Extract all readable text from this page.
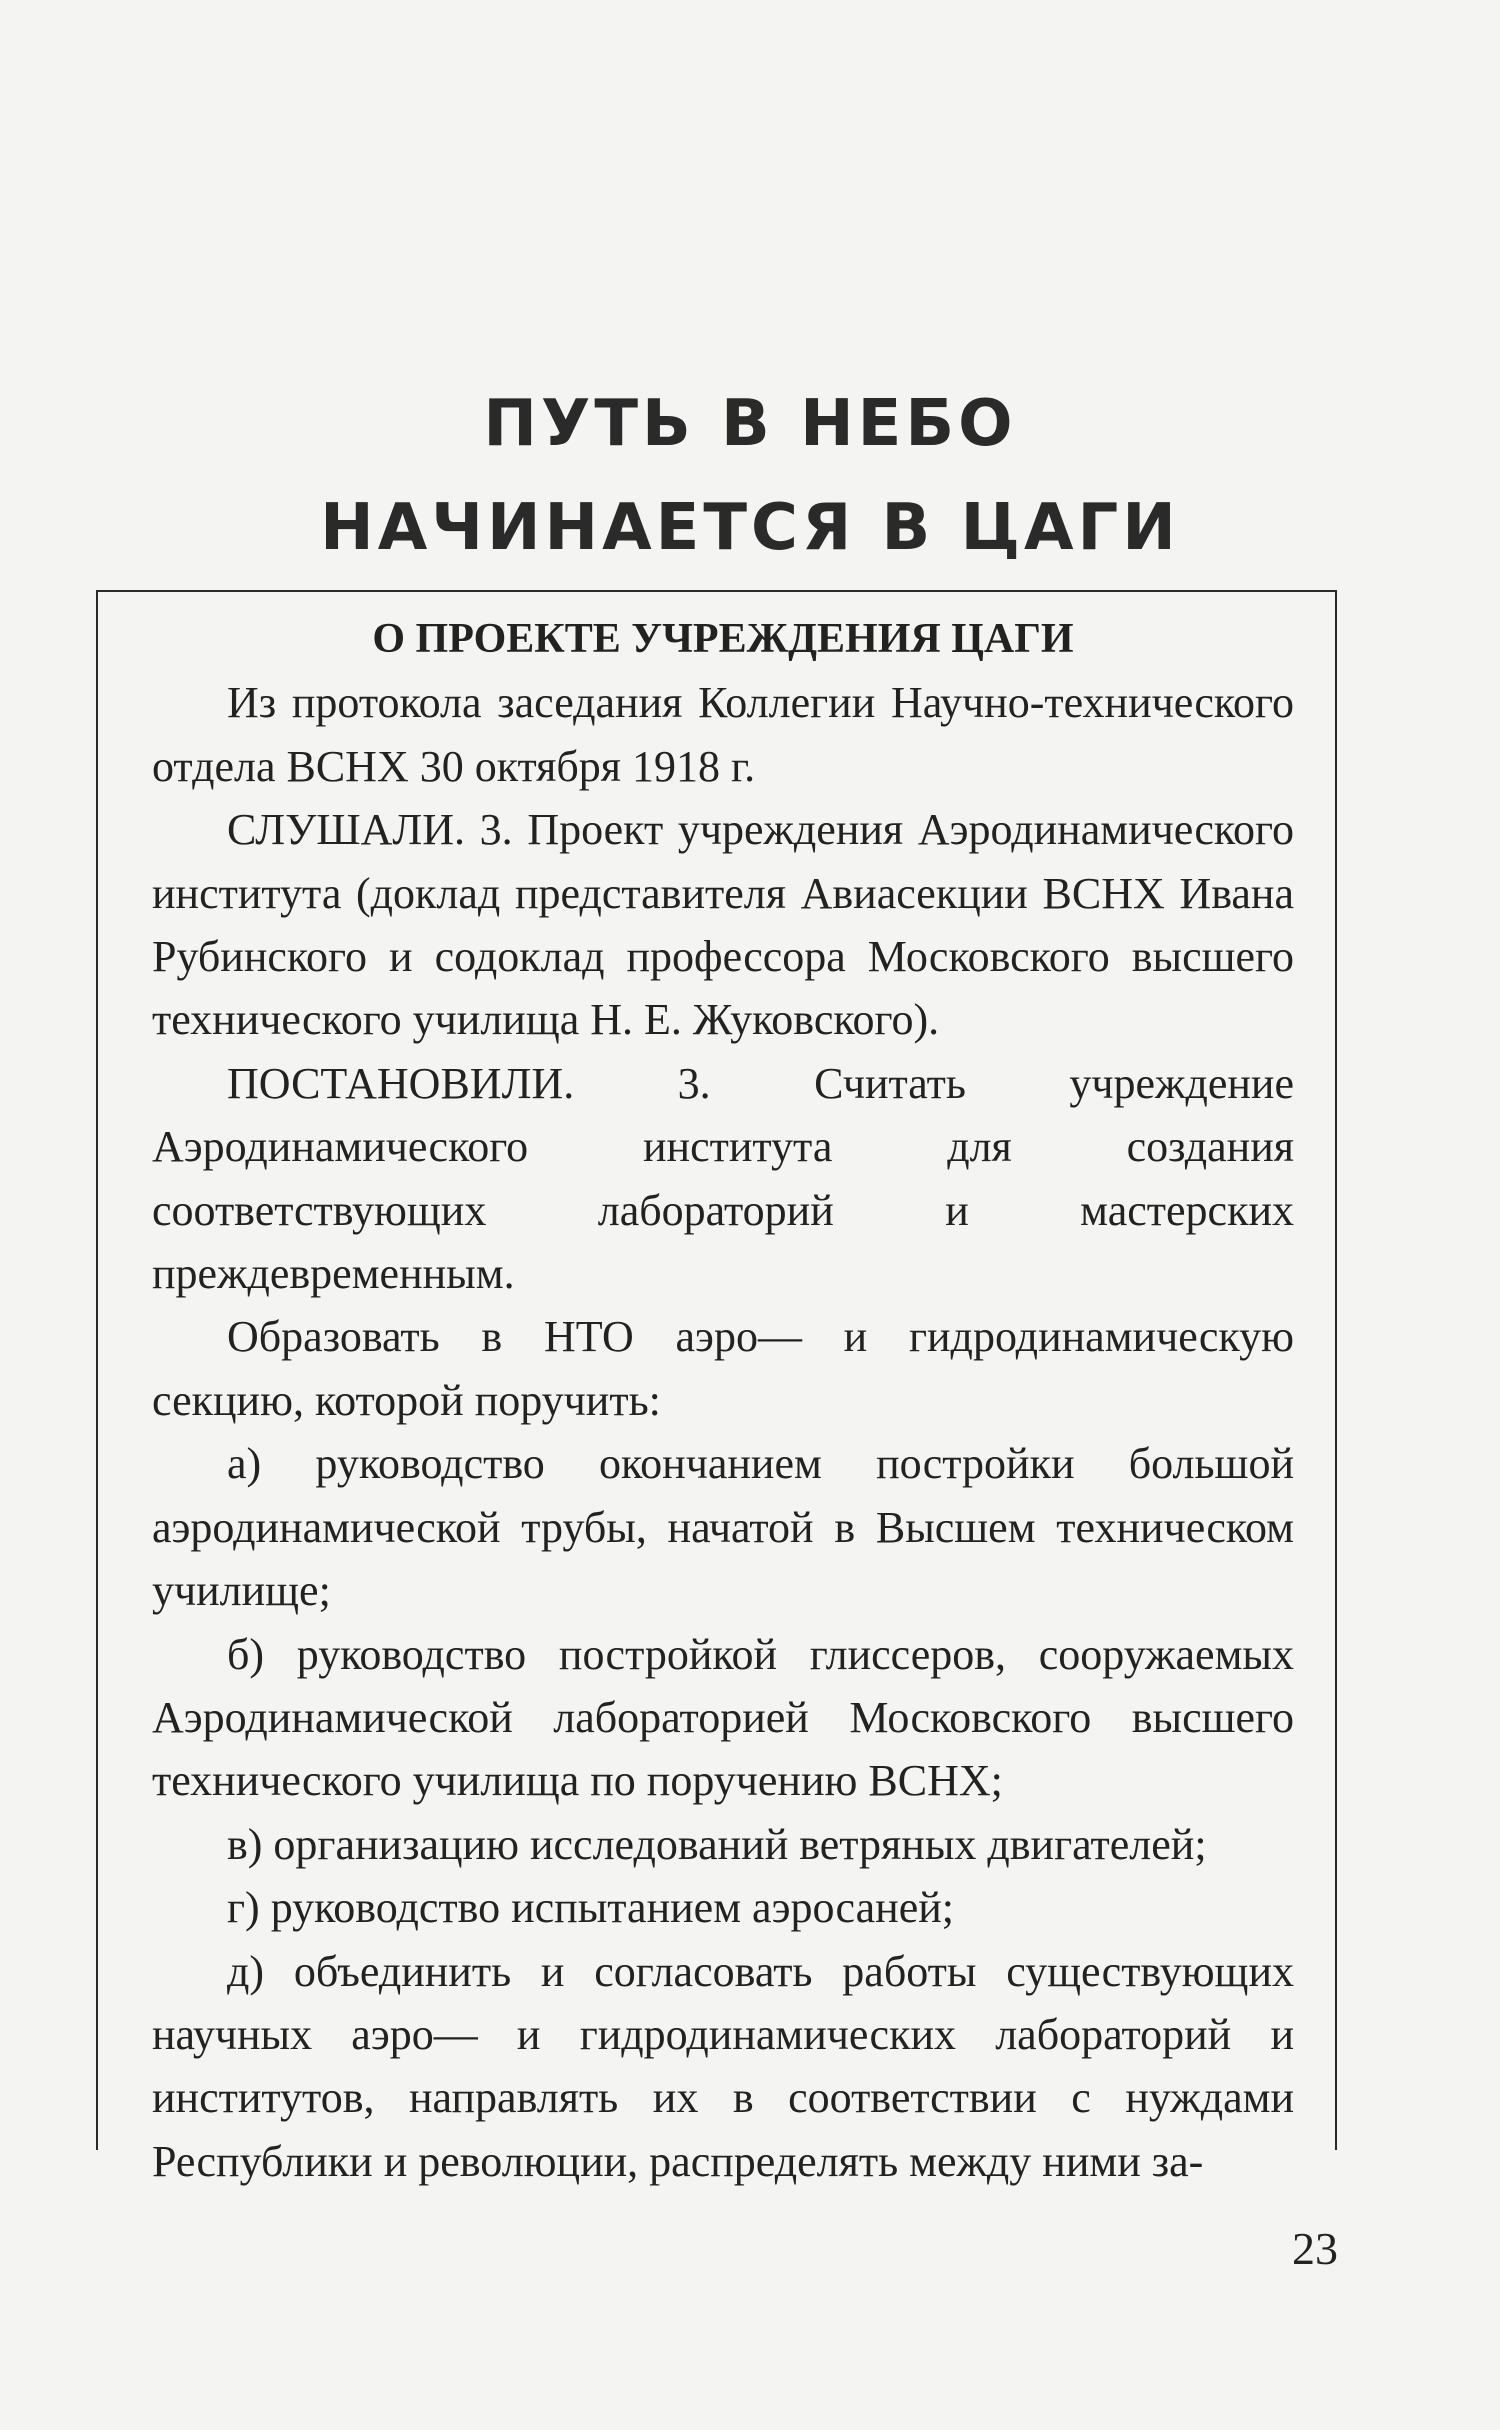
ПУТЬ В НЕБО
НАЧИНАЕТСЯ В ЦАГИ

О ПРОЕКТЕ УЧРЕЖДЕНИЯ ЦАГИ

Из протокола заседания Коллегии Научно-технического отдела ВСНХ 30 октября 1918 г.

СЛУШАЛИ. 3. Проект учреждения Аэродинамического института (доклад представителя Авиасекции ВСНХ Ивана Рубинского и содоклад профессора Московского высшего технического училища Н. Е. Жуковского).

ПОСТАНОВИЛИ. 3. Считать учреждение Аэродинамического института для создания соответствующих лабораторий и мастерских преждевременным.

Образовать в НТО аэро— и гидродинамическую секцию, которой поручить:

а) руководство окончанием постройки большой аэродинамической трубы, начатой в Высшем техническом училище;

б) руководство постройкой глиссеров, сооружаемых Аэродинамической лабораторией Московского высшего технического училища по поручению ВСНХ;

в) организацию исследований ветряных двигателей;

г) руководство испытанием аэросаней;

д) объединить и согласовать работы существующих научных аэро— и гидродинамических лабораторий и институтов, направлять их в соответствии с нуждами Республики и революции, распределять между ними за-

23
